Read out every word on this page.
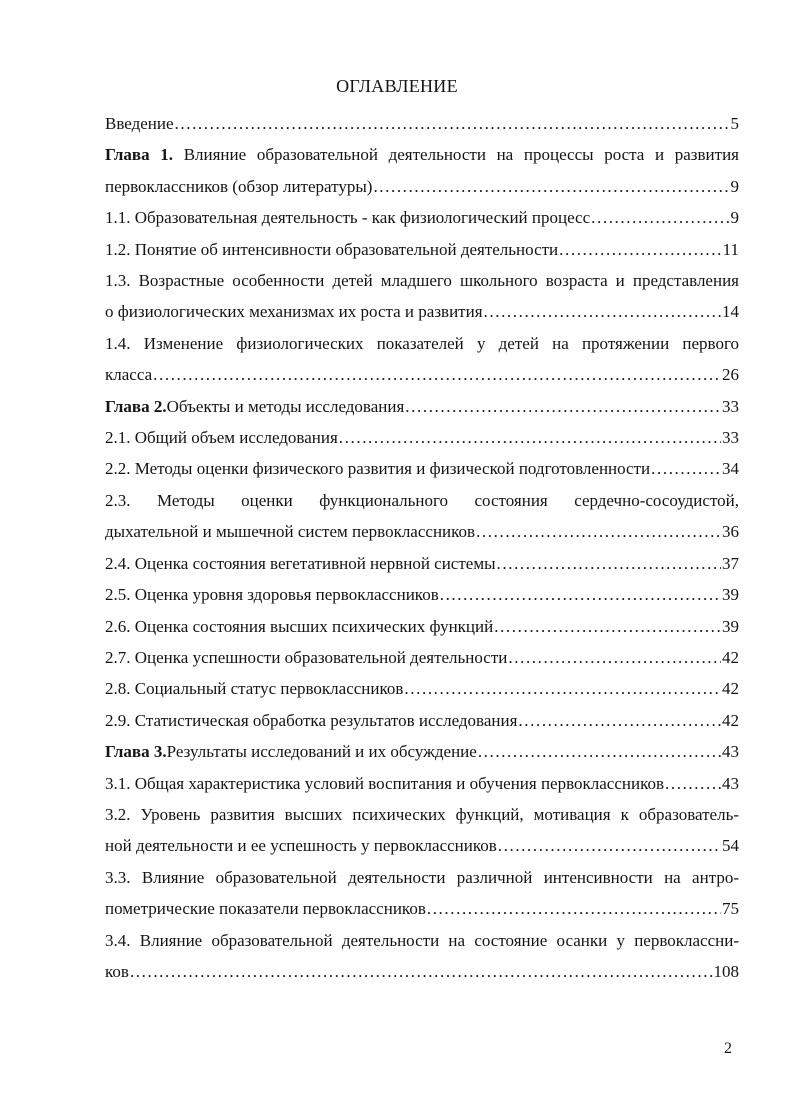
ОГЛАВЛЕНИЕ
Введение .....	5
Глава 1. Влияние образовательной деятельности на процессы роста и развития
первоклассников (обзор литературы) .....	9
1.1. Образовательная деятельность - как физиологический процесс .....	9
1.2. Понятие об интенсивности образовательной деятельности .....	11
1.3. Возрастные особенности детей младшего школьного возраста и представления
о физиологических механизмах их роста и развития .....	14
1.4. Изменение физиологических показателей у детей на протяжении первого
класса .....	26
Глава 2. Объекты и методы исследования .....	33
2.1. Общий объем исследования .....	33
2.2. Методы оценки физического развития и физической подготовленности .....	34
2.3. Методы оценки функционального состояния сердечно-сосоудистой,
дыхательной и мышечной систем первоклассников .....	36
2.4. Оценка состояния вегетативной нервной системы .....	37
2.5. Оценка уровня здоровья первоклассников .....	39
2.6. Оценка состояния высших психических функций .....	39
2.7. Оценка успешности образовательной деятельности .....	42
2.8. Социальный статус первоклассников .....	42
2.9. Статистическая обработка результатов исследования .....	42
Глава 3. Результаты исследований и их обсуждение .....	43
3.1. Общая характеристика условий воспитания и обучения первоклассников .....	43
3.2. Уровень развития высших психических функций, мотивация к образователь-
ной деятельности и ее успешность у первоклассников .....	54
3.3. Влияние образовательной деятельности различной интенсивности на антро-
пометрические показатели первоклассников .....	75
3.4. Влияние образовательной деятельности на состояние осанки у первоклассни-
ков .....	108
2
